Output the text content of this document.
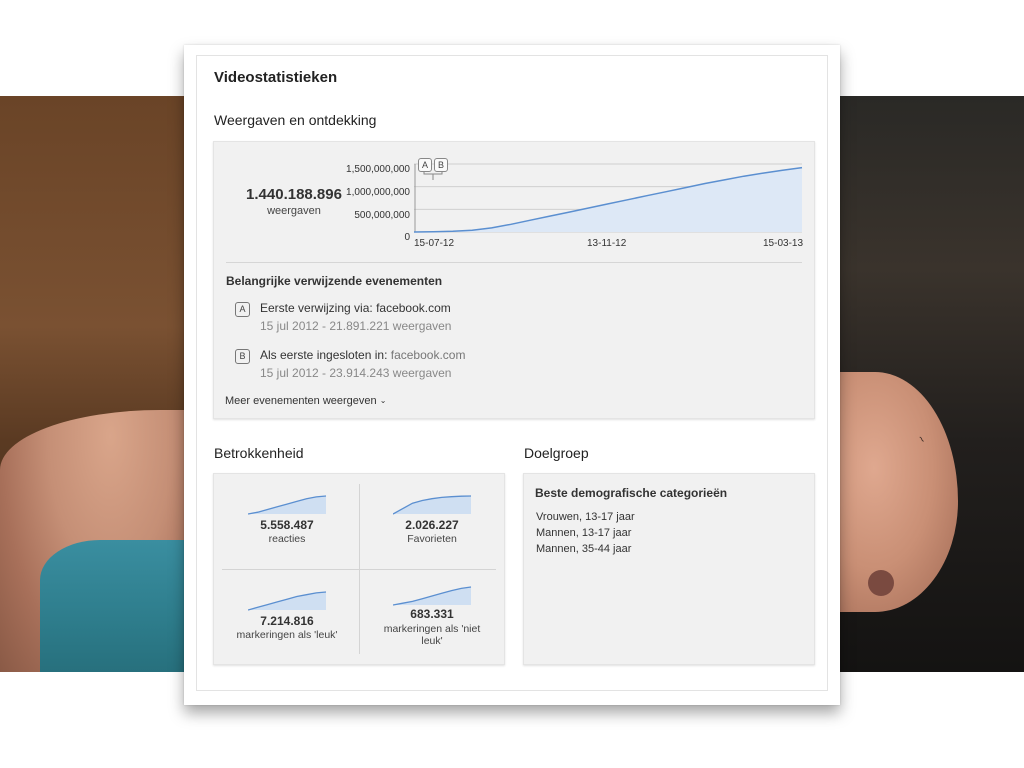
~
Videostatistieken
Weergaven en ontdekking
1.440.188.896
weergaven
1,500,000,000
1,000,000,000
500,000,000
0
A	B
15-07-12	13-11-12	15-03-13
Belangrijke verwijzende evenementen
A	Eerste verwijzing via: facebook.com
15 jul 2012 - 21.891.221 weergaven
B	Als eerste ingesloten in: facebook.com
15 jul 2012 - 23.914.243 weergaven
Meer evenementen weergeven ⌄
Betrokkenheid
5.558.487
reacties
2.026.227
Favorieten
7.214.816
markeringen als 'leuk'
683.331
markeringen als 'niet leuk'
Doelgroep
Beste demografische categorieën
Vrouwen, 13-17 jaar
Mannen, 13-17 jaar
Mannen, 35-44 jaar
